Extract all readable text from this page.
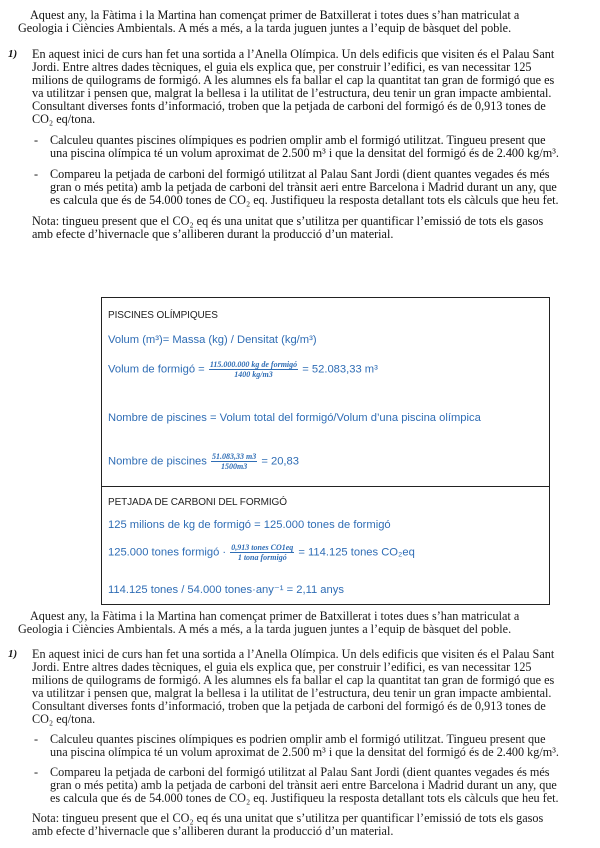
Aquest any, la Fàtima i la Martina han començat primer de Batxillerat i totes dues s’han matriculat a Geologia i Ciències Ambientals. A més a més, a la tarda juguen juntes a l’equip de bàsquet del poble.
1) En aquest inici de curs han fet una sortida a l’Anella Olímpica. Un dels edificis que visiten és el Palau Sant Jordi. Entre altres dades tècniques, el guia els explica que, per construir l’edifici, es van necessitar 125 milions de quilograms de formigó. A les alumnes els fa ballar el cap la quantitat tan gran de formigó que es va utilitzar i pensen que, malgrat la bellesa i la utilitat de l’estructura, deu tenir un gran impacte ambiental. Consultant diverses fonts d’informació, troben que la petjada de carboni del formigó és de 0,913 tones de CO₂ eq/tona.
- Calculeu quantes piscines olímpiques es podrien omplir amb el formigó utilitzat. Tingueu present que una piscina olímpica té un volum aproximat de 2.500 m³ i que la densitat del formigó és de 2.400 kg/m³.
- Compareu la petjada de carboni del formigó utilitzat al Palau Sant Jordi (dient quantes vegades és més gran o més petita) amb la petjada de carboni del trànsit aeri entre Barcelona i Madrid durant un any, que es calcula que és de 54.000 tones de CO₂ eq. Justifiqueu la resposta detallant tots els càlculs que heu fet.
Nota: tingueu present que el CO₂ eq és una unitat que s’utilitza per quantificar l’emissió de tots els gasos amb efecte d’hivernacle que s’alliberen durant la producció d’un material.
PISCINES OLÍMPIQUES
Volum (m³)= Massa (kg) / Densitat (kg/m³)
Volum de formigó = $\frac{\text{115.000.000 kg de formigó}}{1400 kg/m3} = 52.083,33$ m³
Nombre de piscines = Volum total del formigó/Volum d’una piscina olímpica
Nombre de piscines $\frac{51.083,33 m3}{1500m3} = 20,83$
PETJADA DE CARBONI DEL FORMIGÓ
125 milions de kg de formigó = 125.000 tones de formigó
125.000 tones formigó · $\frac{\text{0,913 tones CO1eq}}{\text{1 tona formigó}} = 114.125$ tones CO₂eq
114.125 tones / 54.000 tones·any⁻¹ = 2,11 anys
Aquest any, la Fàtima i la Martina han començat primer de Batxillerat i totes dues s’han matriculat a Geologia i Ciències Ambientals. A més a més, a la tarda juguen juntes a l’equip de bàsquet del poble.
1) En aquest inici de curs han fet una sortida a l’Anella Olímpica. Un dels edificis que visiten és el Palau Sant Jordi. Entre altres dades tècniques, el guia els explica que, per construir l’edifici, es van necessitar 125 milions de quilograms de formigó. A les alumnes els fa ballar el cap la quantitat tan gran de formigó que es va utilitzar i pensen que, malgrat la bellesa i la utilitat de l’estructura, deu tenir un gran impacte ambiental. Consultant diverses fonts d’informació, troben que la petjada de carboni del formigó és de 0,913 tones de CO₂ eq/tona.
- Calculeu quantes piscines olímpiques es podrien omplir amb el formigó utilitzat. Tingueu present que una piscina olímpica té un volum aproximat de 2.500 m³ i que la densitat del formigó és de 2.400 kg/m³.
- Compareu la petjada de carboni del formigó utilitzat al Palau Sant Jordi (dient quantes vegades és més gran o més petita) amb la petjada de carboni del trànsit aeri entre Barcelona i Madrid durant un any, que es calcula que és de 54.000 tones de CO₂ eq. Justifiqueu la resposta detallant tots els càlculs que heu fet.
Nota: tingueu present que el CO₂ eq és una unitat que s’utilitza per quantificar l’emissió de tots els gasos amb efecte d’hivernacle que s’alliberen durant la producció d’un material.
